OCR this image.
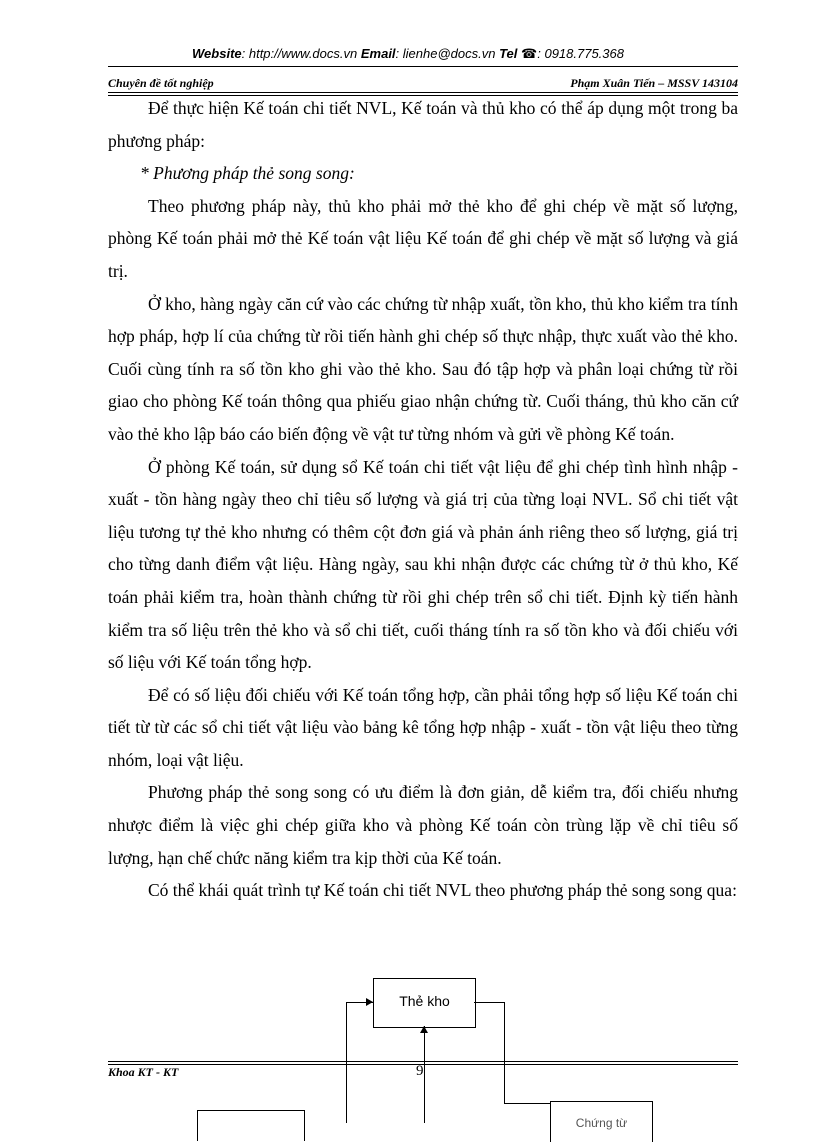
Website: http://www.docs.vn Email: lienhe@docs.vn Tel ☎: 0918.775.368
Chuyên đề tốt nghiệp	Phạm Xuân Tiến – MSSV 143104

Để thực hiện Kế toán chi tiết NVL, Kế toán và thủ kho có thể áp dụng một trong ba phương pháp:

* Phương pháp thẻ song song:

Theo phương pháp này, thủ kho phải mở thẻ kho để ghi chép về mặt số lượng, phòng Kế toán phải mở thẻ Kế toán vật liệu Kế toán để ghi chép về mặt số lượng và giá trị.

Ở kho, hàng ngày căn cứ vào các chứng từ nhập xuất, tồn kho, thủ kho kiểm tra tính hợp pháp, hợp lí của chứng từ rồi tiến hành ghi chép số thực nhập, thực xuất vào thẻ kho. Cuối cùng tính ra số tồn kho ghi vào thẻ kho. Sau đó tập hợp và phân loại chứng từ rồi giao cho phòng Kế toán thông qua phiếu giao nhận chứng từ. Cuối tháng, thủ kho căn cứ vào thẻ kho lập báo cáo biến động về vật tư từng nhóm và gửi về phòng Kế toán.

Ở phòng Kế toán, sử dụng sổ Kế toán chi tiết vật liệu để ghi chép tình hình nhập - xuất - tồn hàng ngày theo chỉ tiêu số lượng và giá trị của từng loại NVL. Sổ chi tiết vật liệu tương tự thẻ kho nhưng có thêm cột đơn giá và phản ánh riêng theo số lượng, giá trị cho từng danh điểm vật liệu. Hàng ngày, sau khi nhận được các chứng từ ở thủ kho, Kế toán phải kiểm tra, hoàn thành chứng từ rồi ghi chép trên sổ chi tiết. Định kỳ tiến hành kiểm tra số liệu trên thẻ kho và sổ chi tiết, cuối tháng tính ra số tồn kho và đối chiếu với số liệu với Kế toán tổng hợp.

Để có số liệu đối chiếu với Kế toán tổng hợp, cần phải tổng hợp số liệu Kế toán chi tiết từ từ các sổ chi tiết vật liệu vào bảng kê tổng hợp nhập - xuất - tồn vật liệu theo từng nhóm, loại vật liệu.

Phương pháp thẻ song song có ưu điểm là đơn giản, dễ kiểm tra, đối chiếu nhưng nhược điểm là việc ghi chép giữa kho và phòng Kế toán còn trùng lặp về chỉ tiêu số lượng, hạn chế chức năng kiểm tra kịp thời của Kế toán.

Có thể khái quát trình tự Kế toán chi tiết NVL theo phương pháp thẻ song song qua:

Thẻ kho
Chứng từ
Khoa KT - KT	9
